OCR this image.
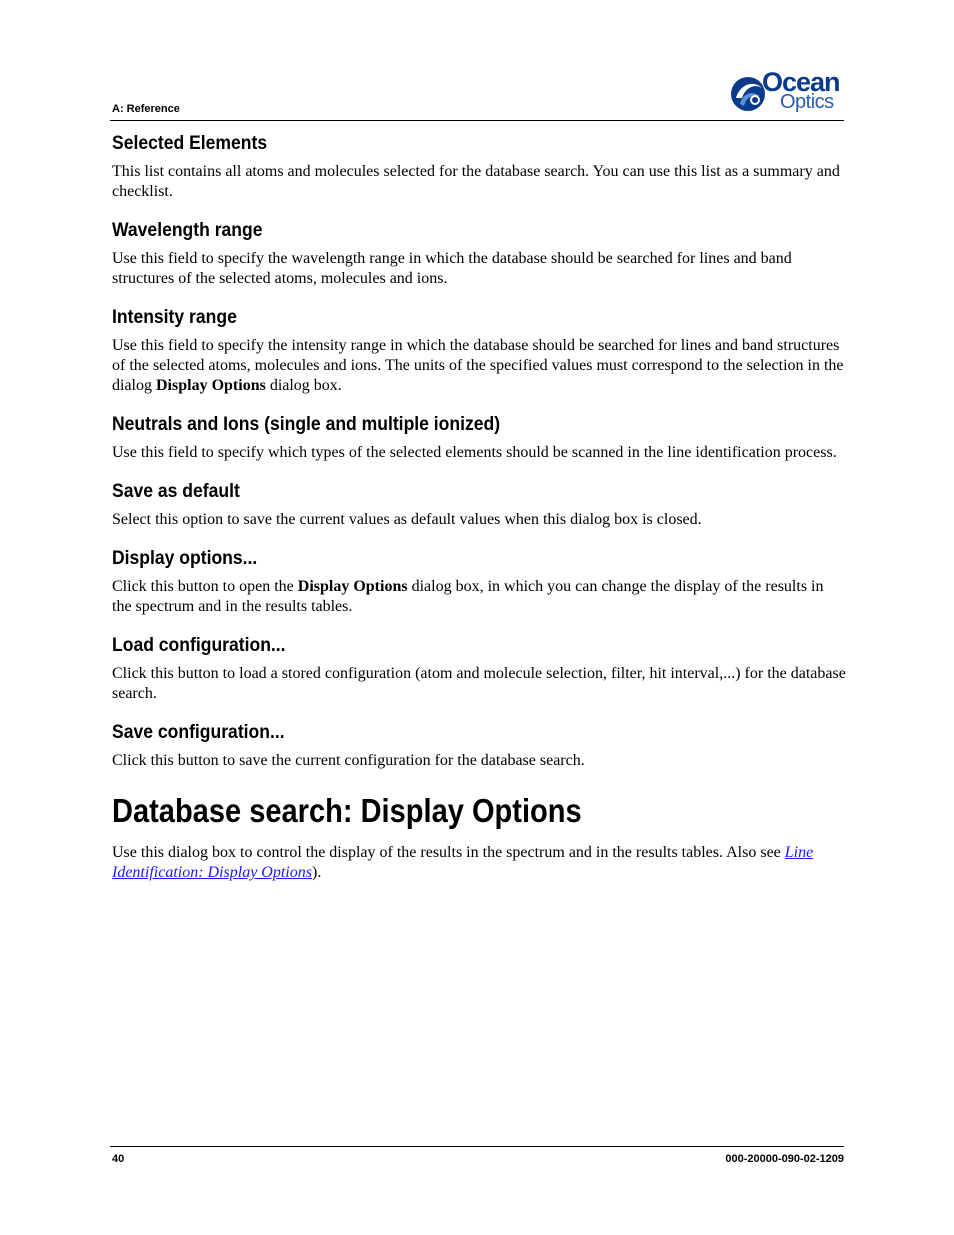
A: Reference
Ocean
Optics
Selected Elements

This list contains all atoms and molecules selected for the database search. You can use this list as a summary and checklist.

Wavelength range

Use this field to specify the wavelength range in which the database should be searched for lines and band structures of the selected atoms, molecules and ions.

Intensity range

Use this field to specify the intensity range in which the database should be searched for lines and band structures of the selected atoms, molecules and ions. The units of the specified values must correspond to the selection in the dialog Display Options dialog box.

Neutrals and Ions (single and multiple ionized)

Use this field to specify which types of the selected elements should be scanned in the line identification process.

Save as default

Select this option to save the current values as default values when this dialog box is closed.

Display options...

Click this button to open the Display Options dialog box, in which you can change the display of the results in the spectrum and in the results tables.

Load configuration...

Click this button to load a stored configuration (atom and molecule selection, filter, hit interval,...) for the database search.

Save configuration...

Click this button to save the current configuration for the database search.

Database search: Display Options

Use this dialog box to control the display of the results in the spectrum and in the results tables. Also see Line Identification: Display Options).

40	000-20000-090-02-1209
